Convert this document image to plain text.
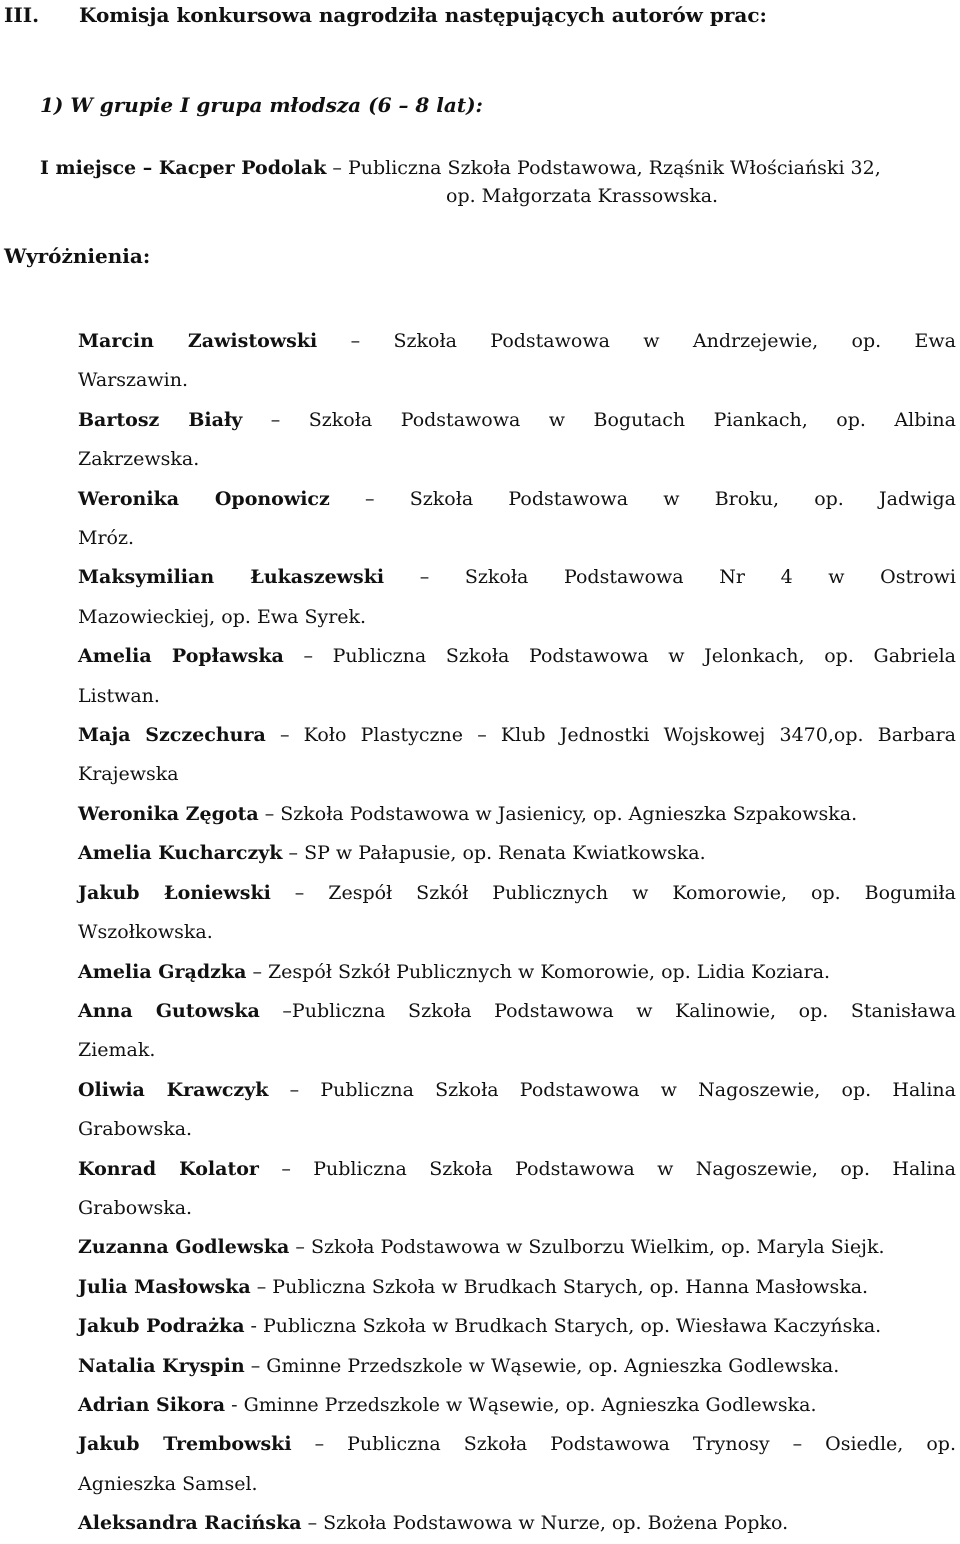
III. Komisja konkursowa nagrodziła następujących autorów prac:
1) W grupie I grupa młodsza (6 – 8 lat):
I miejsce – Kacper Podolak – Publiczna Szkoła Podstawowa, Rząśnik Włościański 32,
op. Małgorzata Krassowska.
Wyróżnienia:
Marcin Zawistowski – Szkoła Podstawowa w Andrzejewie, op. Ewa
Warszawin.
Bartosz Biały – Szkoła Podstawowa w Bogutach Piankach, op. Albina
Zakrzewska.
Weronika Oponowicz – Szkoła Podstawowa w Broku, op. Jadwiga
Mróz.
Maksymilian Łukaszewski – Szkoła Podstawowa Nr 4 w Ostrowi
Mazowieckiej, op. Ewa Syrek.
Amelia Popławska – Publiczna Szkoła Podstawowa w Jelonkach, op. Gabriela
Listwan.
Maja Szczechura – Koło Plastyczne – Klub Jednostki Wojskowej 3470,op. Barbara
Krajewska
Weronika Zęgota – Szkoła Podstawowa w Jasienicy, op. Agnieszka Szpakowska.
Amelia Kucharczyk – SP w Pałapusie, op. Renata Kwiatkowska.
Jakub Łoniewski – Zespół Szkół Publicznych w Komorowie, op. Bogumiła
Wszołkowska.
Amelia Grądzka – Zespół Szkół Publicznych w Komorowie, op. Lidia Koziara.
Anna Gutowska –Publiczna Szkoła Podstawowa w Kalinowie, op. Stanisława
Ziemak.
Oliwia Krawczyk – Publiczna Szkoła Podstawowa w Nagoszewie, op. Halina
Grabowska.
Konrad Kolator – Publiczna Szkoła Podstawowa w Nagoszewie, op. Halina
Grabowska.
Zuzanna Godlewska – Szkoła Podstawowa w Szulborzu Wielkim, op. Maryla Siejk.
Julia Masłowska – Publiczna Szkoła w Brudkach Starych, op. Hanna Masłowska.
Jakub Podrażka - Publiczna Szkoła w Brudkach Starych, op. Wiesława Kaczyńska.
Natalia Kryspin – Gminne Przedszkole w Wąsewie, op. Agnieszka Godlewska.
Adrian Sikora - Gminne Przedszkole w Wąsewie, op. Agnieszka Godlewska.
Jakub Trembowski – Publiczna Szkoła Podstawowa Trynosy – Osiedle, op.
Agnieszka Samsel.
Aleksandra Racińska – Szkoła Podstawowa w Nurze, op. Bożena Popko.
